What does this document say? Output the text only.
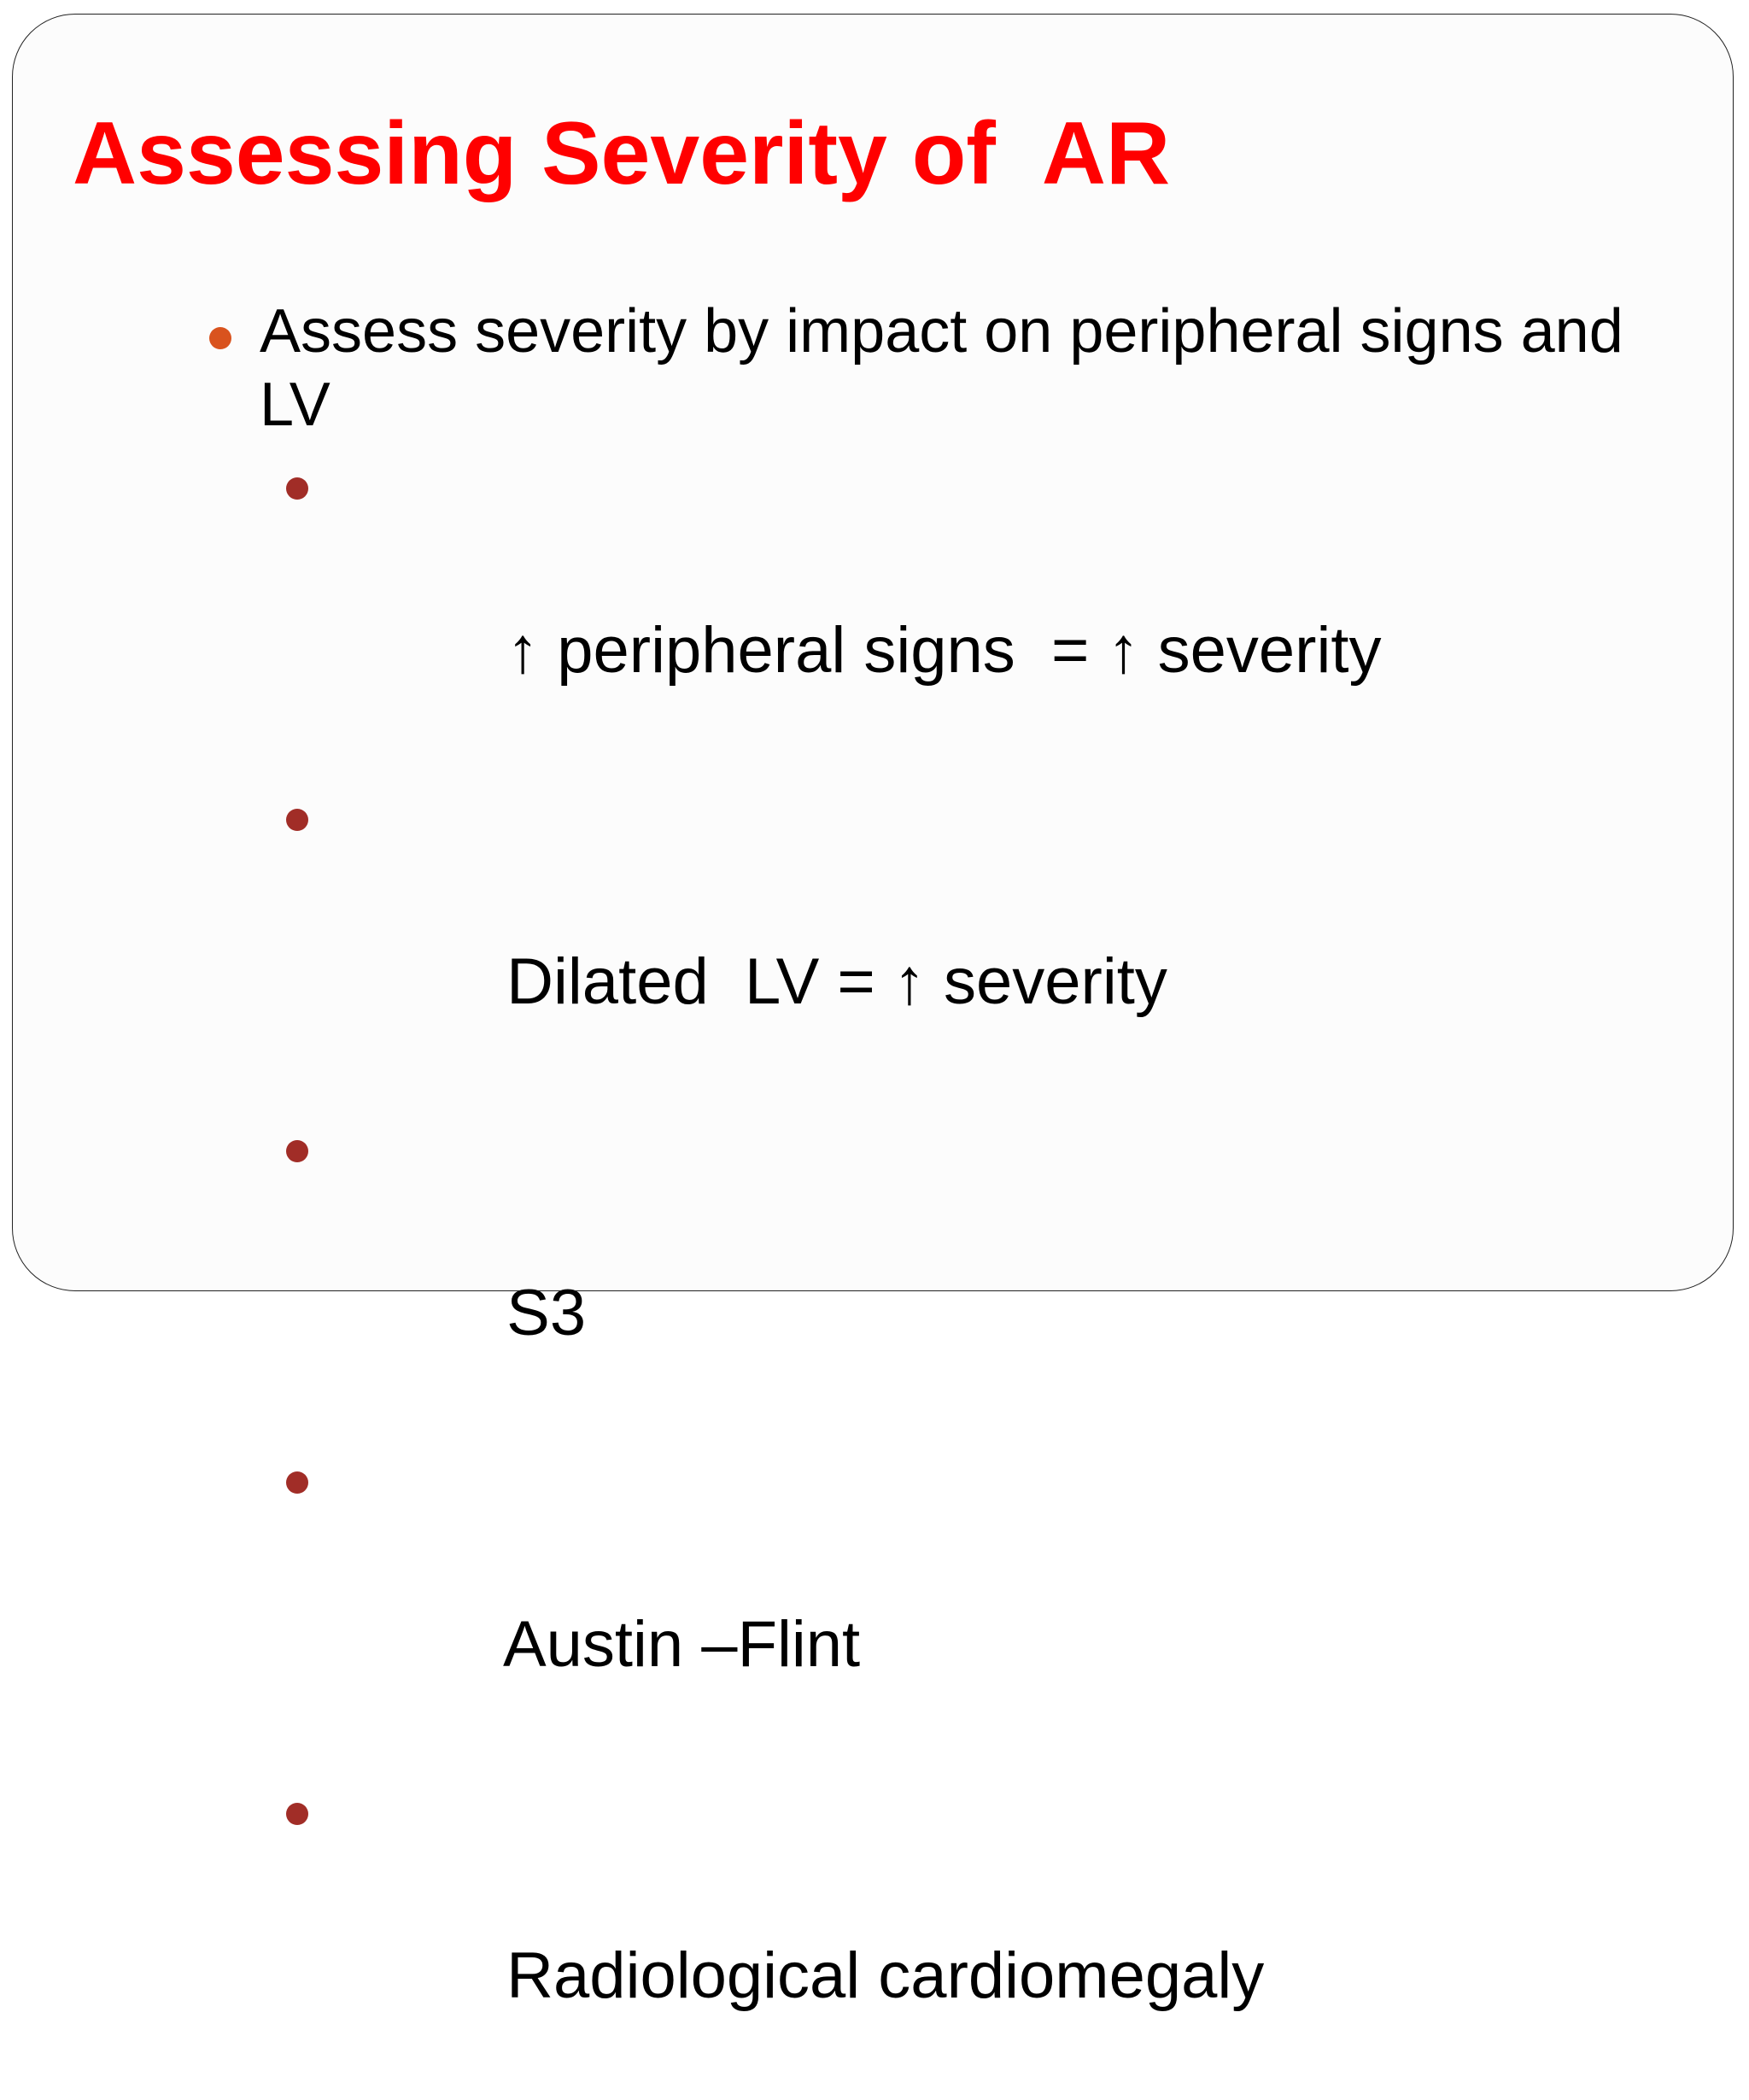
Assessing Severity of  AR
Assess severity by impact on peripheral signs and LV

↑ peripheral signs  = ↑ severity

Dilated  LV = ↑ severity

S3

Austin –Flint

Radiological cardiomegaly
